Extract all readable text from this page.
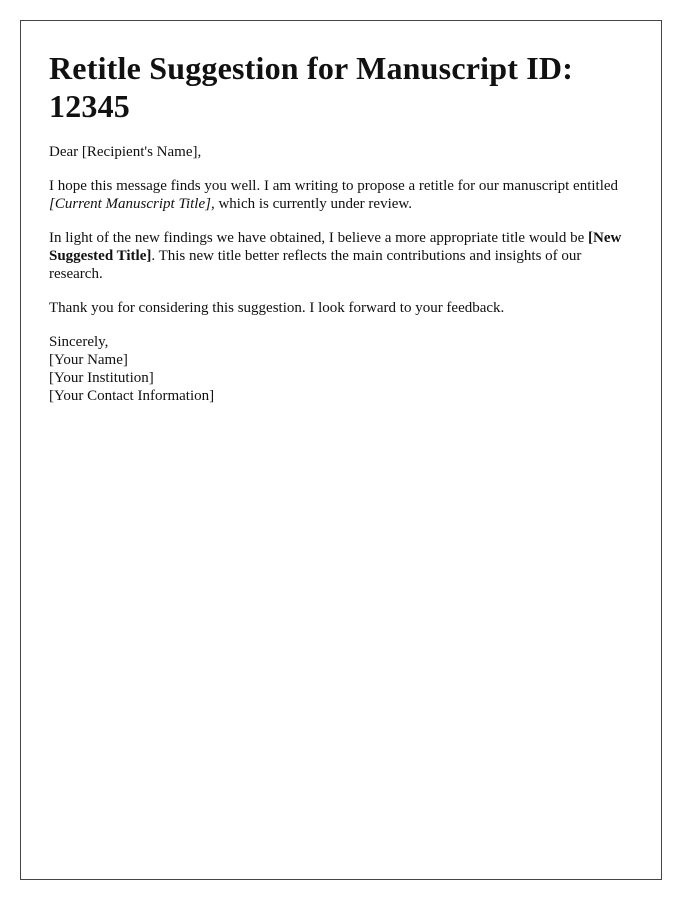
Retitle Suggestion for Manuscript ID: 12345

Dear [Recipient's Name],

I hope this message finds you well. I am writing to propose a retitle for our manuscript entitled [Current Manuscript Title], which is currently under review.

In light of the new findings we have obtained, I believe a more appropriate title would be [New Suggested Title]. This new title better reflects the main contributions and insights of our research.

Thank you for considering this suggestion. I look forward to your feedback.

Sincerely,
[Your Name]
[Your Institution]
[Your Contact Information]
